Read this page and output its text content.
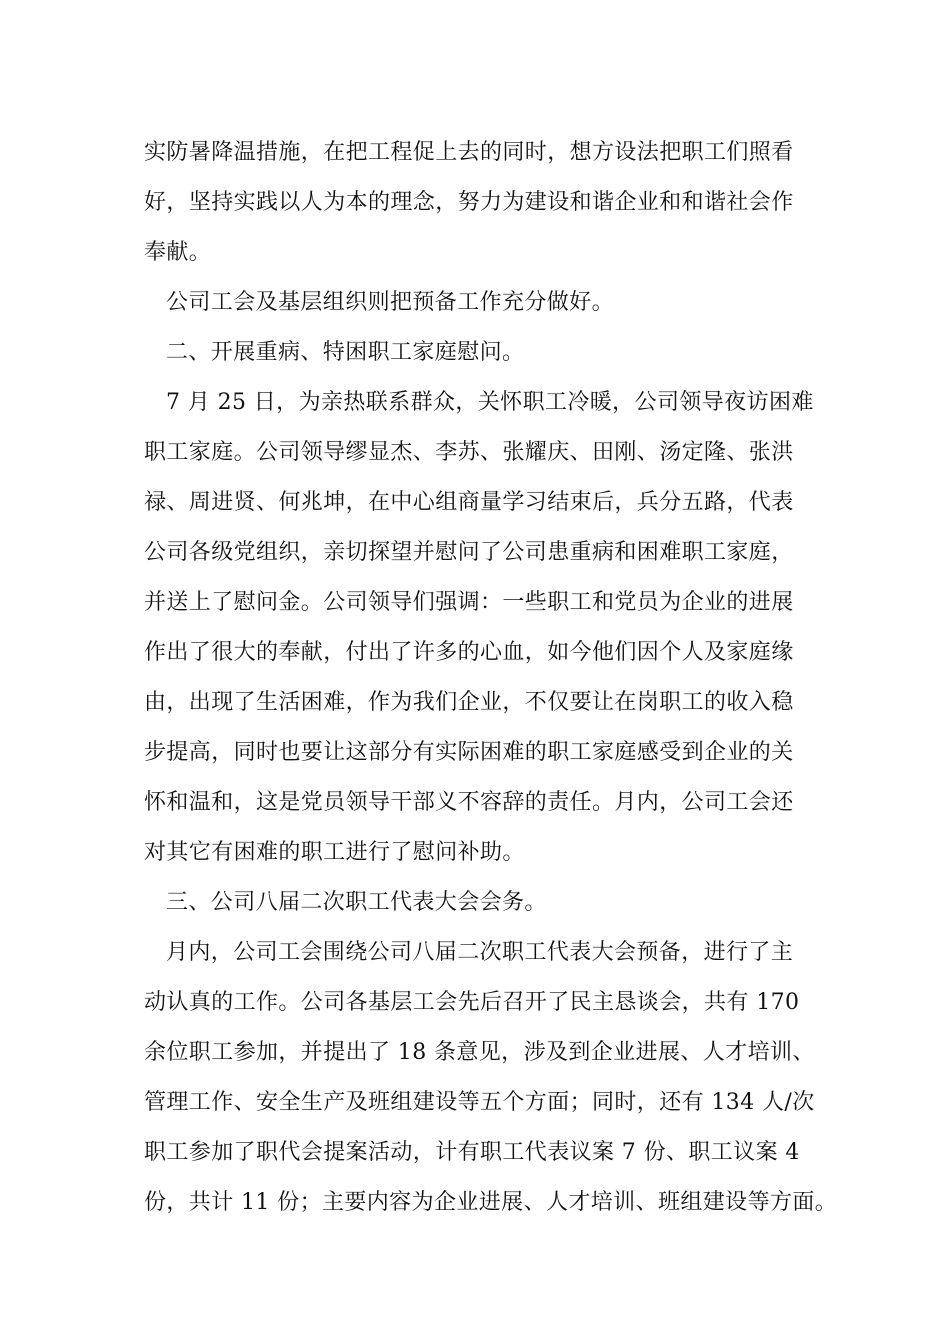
实防暑降温措施，在把工程促上去的同时，想方设法把职工们照看
好，坚持实践以人为本的理念，努力为建设和谐企业和和谐社会作
奉献。
公司工会及基层组织则把预备工作充分做好。
二、开展重病、特困职工家庭慰问。
7 月 25 日，为亲热联系群众，关怀职工冷暖，公司领导夜访困难
职工家庭。公司领导缪显杰、李苏、张耀庆、田刚、汤定隆、张洪
禄、周进贤、何兆坤，在中心组商量学习结束后，兵分五路，代表
公司各级党组织，亲切探望并慰问了公司患重病和困难职工家庭，
并送上了慰问金。公司领导们强调：一些职工和党员为企业的进展
作出了很大的奉献，付出了许多的心血，如今他们因个人及家庭缘
由，出现了生活困难，作为我们企业，不仅要让在岗职工的收入稳
步提高，同时也要让这部分有实际困难的职工家庭感受到企业的关
怀和温和，这是党员领导干部义不容辞的责任。月内，公司工会还
对其它有困难的职工进行了慰问补助。
三、公司八届二次职工代表大会会务。
月内，公司工会围绕公司八届二次职工代表大会预备，进行了主
动认真的工作。公司各基层工会先后召开了民主恳谈会，共有 170
余位职工参加，并提出了 18 条意见，涉及到企业进展、人才培训、
管理工作、安全生产及班组建设等五个方面；同时，还有 134 人/次
职工参加了职代会提案活动，计有职工代表议案 7 份、职工议案 4
份，共计 11 份；主要内容为企业进展、人才培训、班组建设等方面。
